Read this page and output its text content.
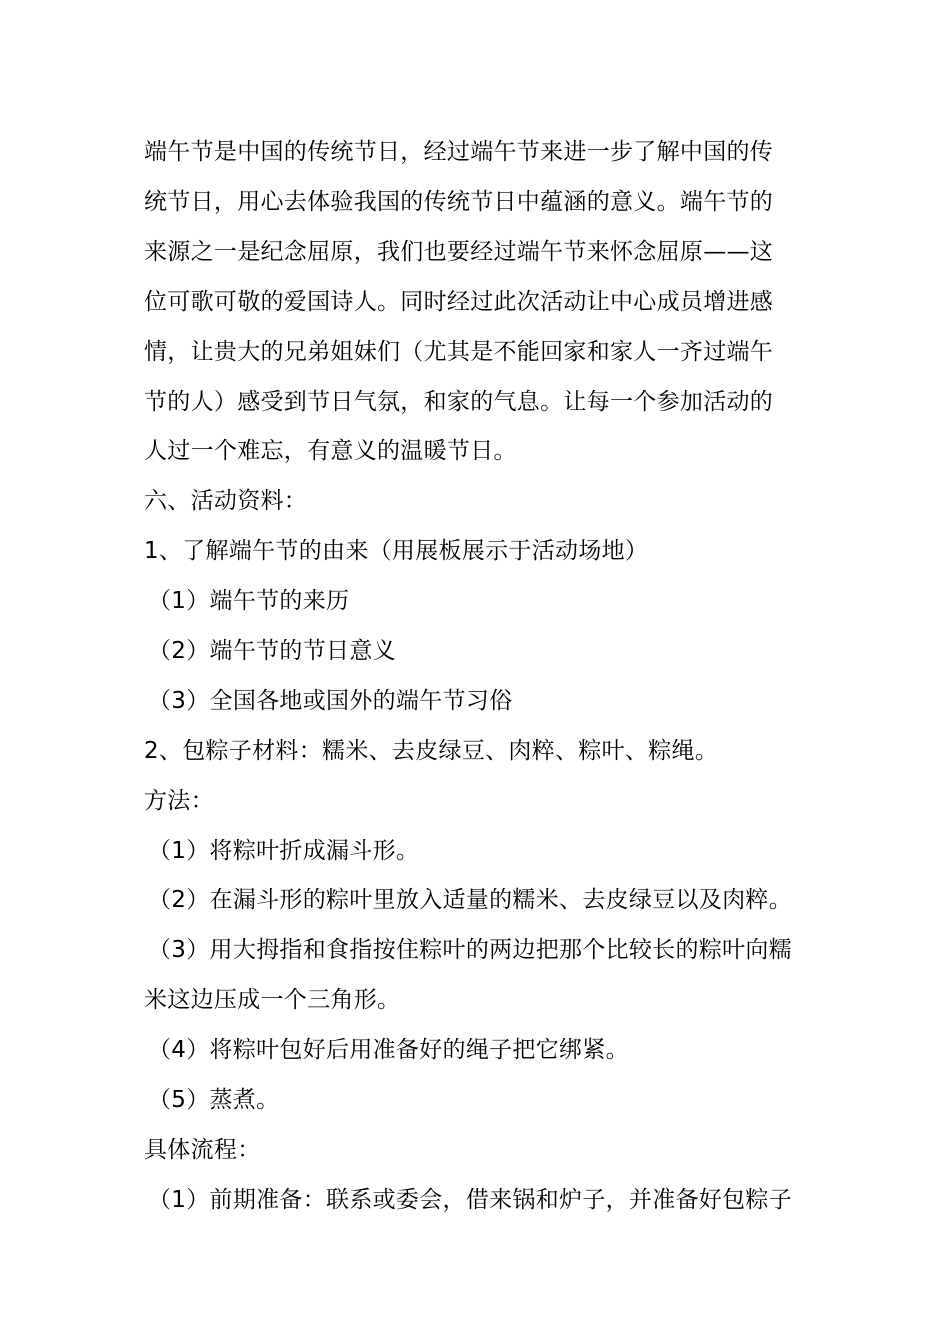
端午节是中国的传统节日，经过端午节来进一步了解中国的传
统节日，用心去体验我国的传统节日中蕴涵的意义。端午节的
来源之一是纪念屈原，我们也要经过端午节来怀念屈原——这
位可歌可敬的爱国诗人。同时经过此次活动让中心成员增进感
情，让贵大的兄弟姐妹们（尤其是不能回家和家人一齐过端午
节的人）感受到节日气氛，和家的气息。让每一个参加活动的
人过一个难忘，有意义的温暖节日。
六、活动资料：
1、了解端午节的由来（用展板展示于活动场地）
（1）端午节的来历
（2）端午节的节日意义
（3）全国各地或国外的端午节习俗
2、包粽子材料：糯米、去皮绿豆、肉粹、粽叶、粽绳。
方法：
（1）将粽叶折成漏斗形。
（2）在漏斗形的粽叶里放入适量的糯米、去皮绿豆以及肉粹。
（3）用大拇指和食指按住粽叶的两边把那个比较长的粽叶向糯
米这边压成一个三角形。
（4）将粽叶包好后用准备好的绳子把它绑紧。
（5）蒸煮。
具体流程：
（1）前期准备：联系或委会，借来锅和炉子，并准备好包粽子
